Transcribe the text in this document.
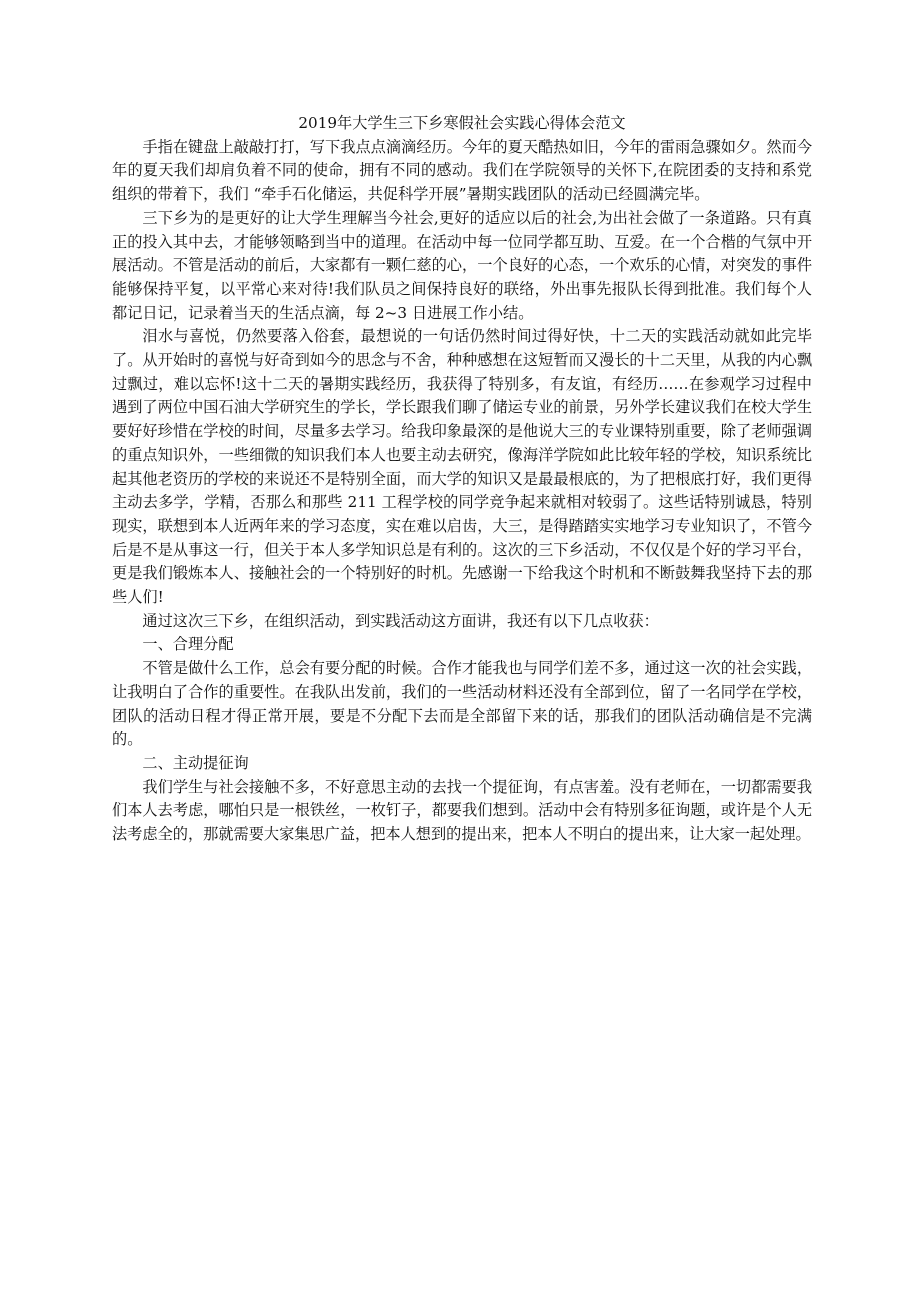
2019年大学生三下乡寒假社会实践心得体会范文

手指在键盘上敲敲打打，写下我点点滴滴经历。今年的夏天酷热如旧，今年的雷雨急骤如夕。然而今年的夏天我们却肩负着不同的使命，拥有不同的感动。我们在学院领导的关怀下,在院团委的支持和系党组织的带着下，我们 “牵手石化储运，共促科学开展”暑期实践团队的活动已经圆满完毕。

三下乡为的是更好的让大学生理解当今社会,更好的适应以后的社会,为出社会做了一条道路。只有真正的投入其中去，才能够领略到当中的道理。在活动中每一位同学都互助、互爱。在一个合楷的气氛中开展活动。不管是活动的前后，大家都有一颗仁慈的心，一个良好的心态，一个欢乐的心情，对突发的事件能够保持平复，以平常心来对待!我们队员之间保持良好的联络，外出事先报队长得到批准。我们每个人都记日记，记录着当天的生活点滴，每 2~3 日进展工作小结。

泪水与喜悦，仍然要落入俗套，最想说的一句话仍然时间过得好快，十二天的实践活动就如此完毕了。从开始时的喜悦与好奇到如今的思念与不舍，种种感想在这短暂而又漫长的十二天里，从我的内心飘过飘过，难以忘怀!这十二天的暑期实践经历，我获得了特别多，有友谊，有经历……在参观学习过程中遇到了两位中国石油大学研究生的学长，学长跟我们聊了储运专业的前景，另外学长建议我们在校大学生要好好珍惜在学校的时间，尽量多去学习。给我印象最深的是他说大三的专业课特别重要，除了老师强调的重点知识外，一些细微的知识我们本人也要主动去研究，像海洋学院如此比较年轻的学校，知识系统比起其他老资历的学校的来说还不是特别全面，而大学的知识又是最最根底的，为了把根底打好，我们更得主动去多学，学精，否那么和那些 211 工程学校的同学竞争起来就相对较弱了。这些话特别诚恳，特别现实，联想到本人近两年来的学习态度，实在难以启齿，大三，是得踏踏实实地学习专业知识了，不管今后是不是从事这一行，但关于本人多学知识总是有利的。这次的三下乡活动，不仅仅是个好的学习平台，更是我们锻炼本人、接触社会的一个特别好的时机。先感谢一下给我这个时机和不断鼓舞我坚持下去的那些人们!

通过这次三下乡，在组织活动，到实践活动这方面讲，我还有以下几点收获：

一、合理分配

不管是做什么工作，总会有要分配的时候。合作才能我也与同学们差不多，通过这一次的社会实践，让我明白了合作的重要性。在我队出发前，我们的一些活动材料还没有全部到位，留了一名同学在学校，团队的活动日程才得正常开展，要是不分配下去而是全部留下来的话，那我们的团队活动确信是不完满的。

二、主动提征询

我们学生与社会接触不多，不好意思主动的去找一个提征询，有点害羞。没有老师在，一切都需要我们本人去考虑，哪怕只是一根铁丝，一枚钉子，都要我们想到。活动中会有特别多征询题，或许是个人无法考虑全的，那就需要大家集思广益，把本人想到的提出来，把本人不明白的提出来，让大家一起处理。
